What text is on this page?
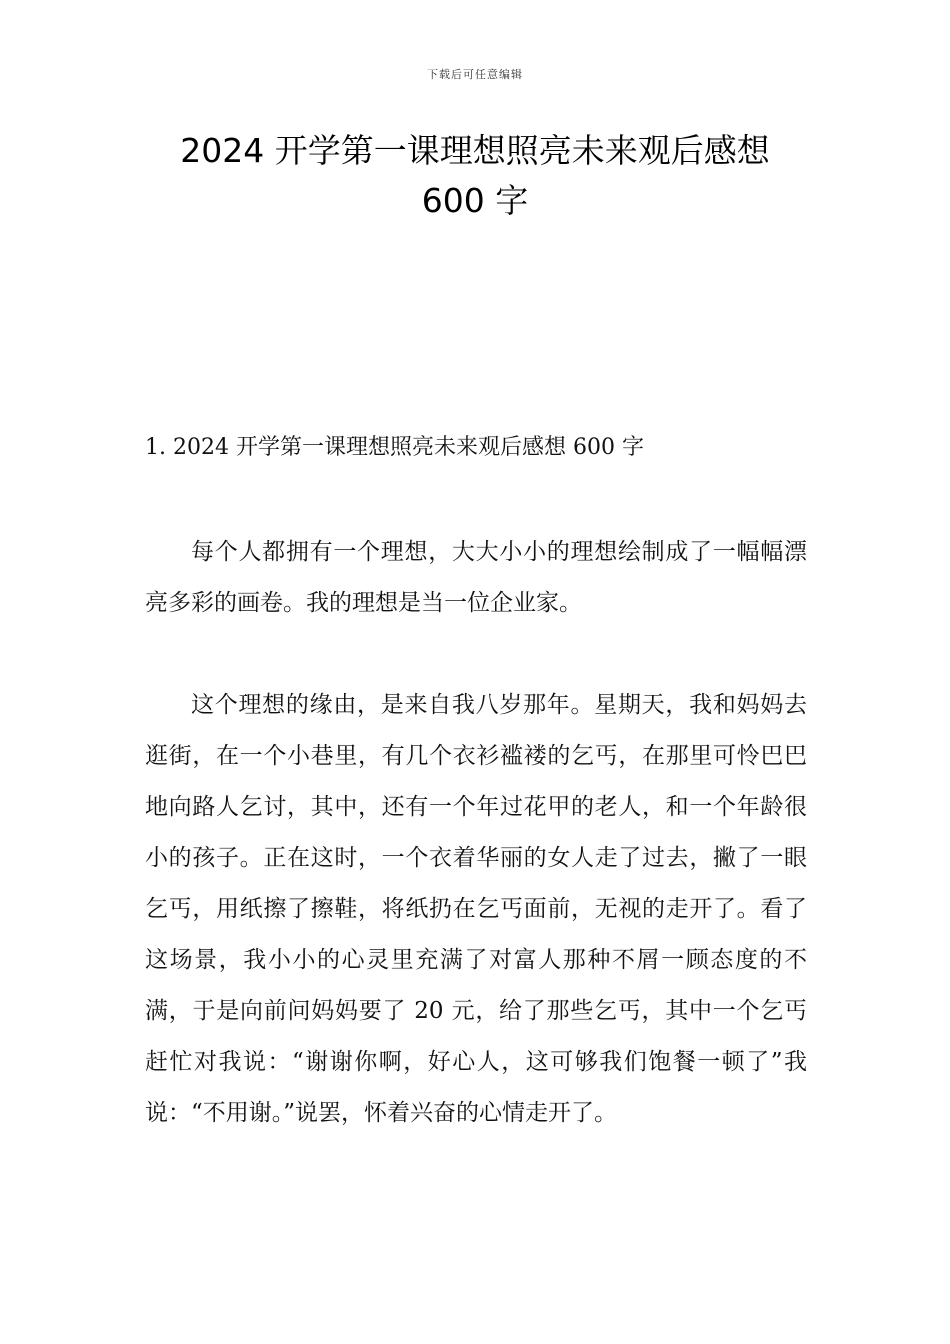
下载后可任意编辑
2024 开学第一课理想照亮未来观后感想
600 字
1. 2024 开学第一课理想照亮未来观后感想 600 字

每个人都拥有一个理想，大大小小的理想绘制成了一幅幅漂亮多彩的画卷。我的理想是当一位企业家。

这个理想的缘由，是来自我八岁那年。星期天，我和妈妈去逛街，在一个小巷里，有几个衣衫褴褛的乞丐，在那里可怜巴巴地向路人乞讨，其中，还有一个年过花甲的老人，和一个年龄很小的孩子。正在这时，一个衣着华丽的女人走了过去，撇了一眼乞丐，用纸擦了擦鞋，将纸扔在乞丐面前，无视的走开了。看了这场景，我小小的心灵里充满了对富人那种不屑一顾态度的不满，于是向前问妈妈要了 20 元，给了那些乞丐，其中一个乞丐赶忙对我说：“谢谢你啊，好心人，这可够我们饱餐一顿了”我说：“不用谢。”说罢，怀着兴奋的心情走开了。
